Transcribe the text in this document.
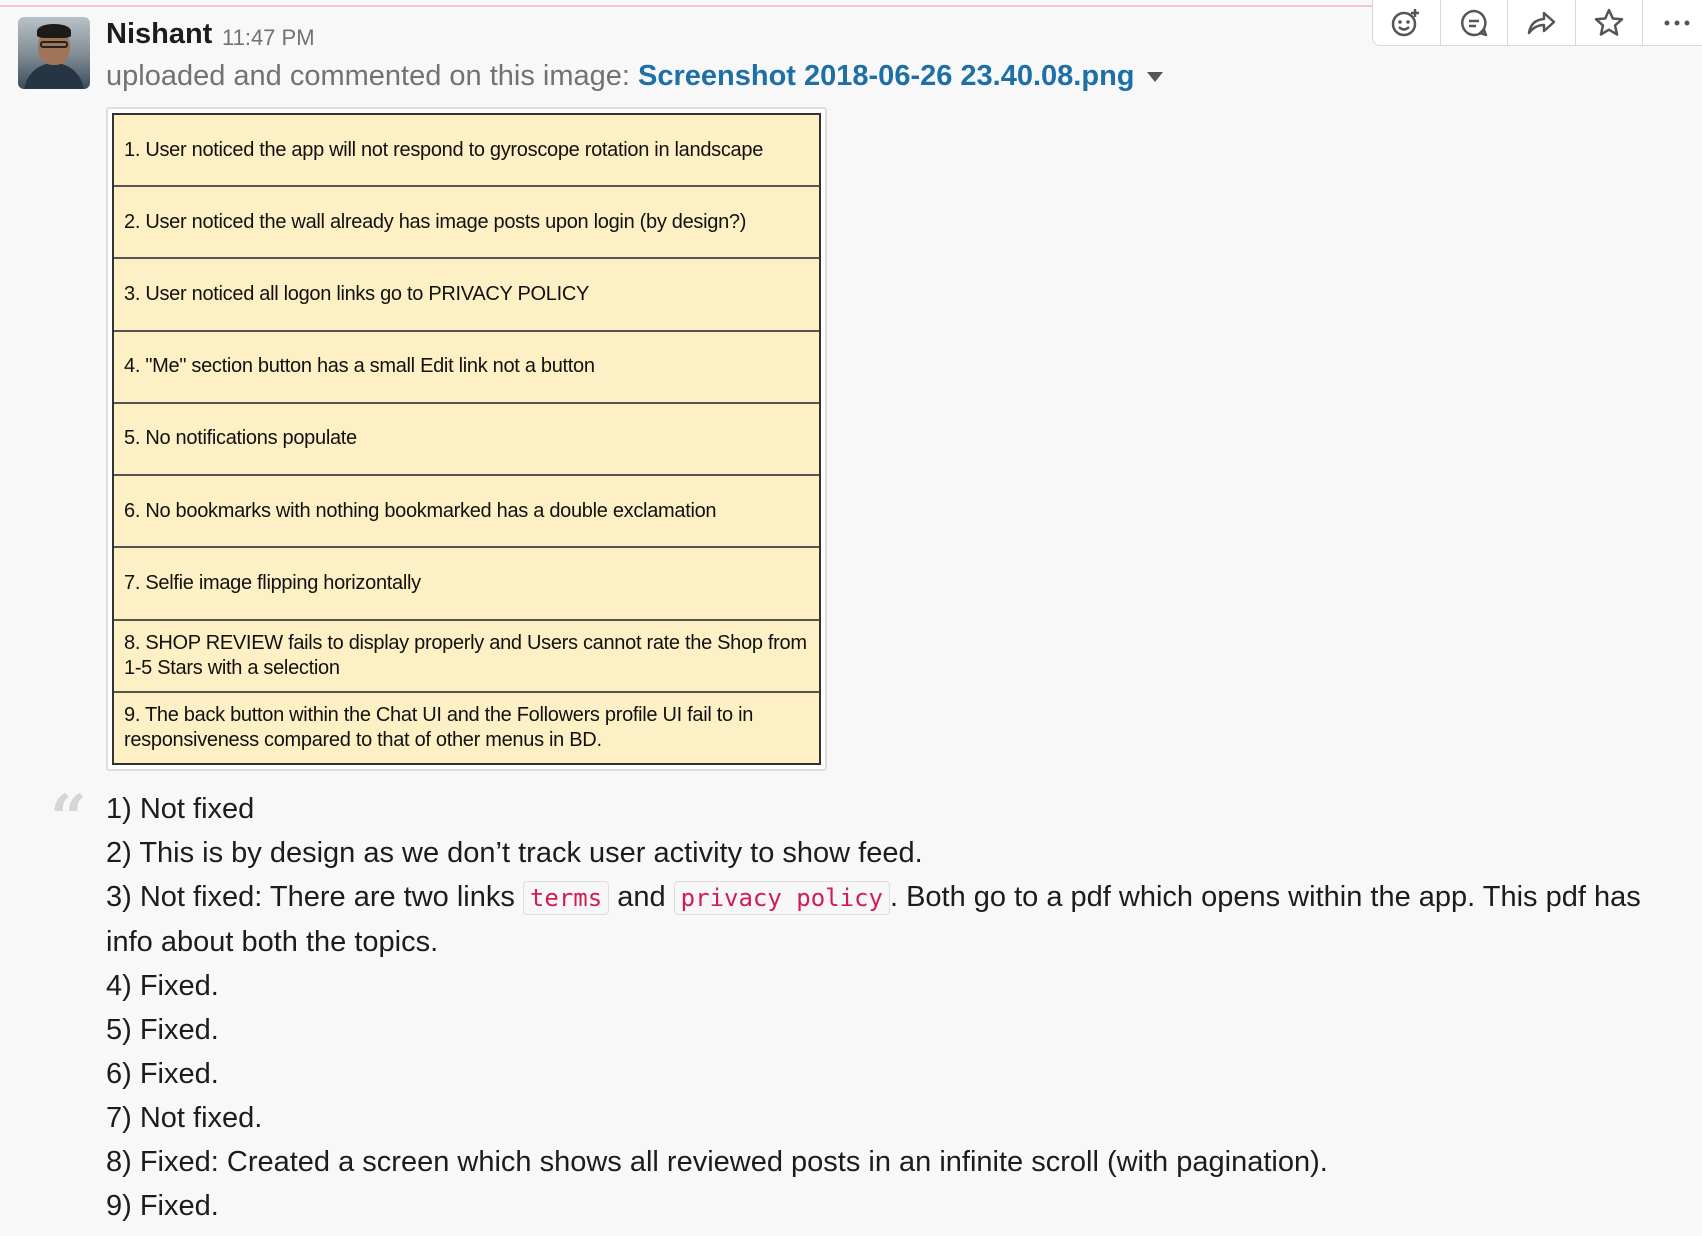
Nishant 11:47 PM
uploaded and commented on this image: Screenshot 2018-06-26 23.40.08.png
1. User noticed the app will not respond to gyroscope rotation in landscape
2. User noticed the wall already has image posts upon login (by design?)
3. User noticed all logon links go to PRIVACY POLICY
4. "Me" section button has a small Edit link not a button
5. No notifications populate
6. No bookmarks with nothing bookmarked has a double exclamation
7. Selfie image flipping horizontally
8. SHOP REVIEW fails to display properly and Users cannot rate the Shop from 1-5 Stars with a selection
9. The back button within the Chat UI and the Followers profile UI fail to in responsiveness compared to that of other menus in BD.
“ 1) Not fixed

2) This is by design as we don’t track user activity to show feed.

3) Not fixed: There are two links terms and privacy policy . Both go to a pdf which opens within the app. This pdf has info about both the topics.

4) Fixed.

5) Fixed.

6) Fixed.

7) Not fixed.

8) Fixed: Created a screen which shows all reviewed posts in an infinite scroll (with pagination).

9) Fixed.
